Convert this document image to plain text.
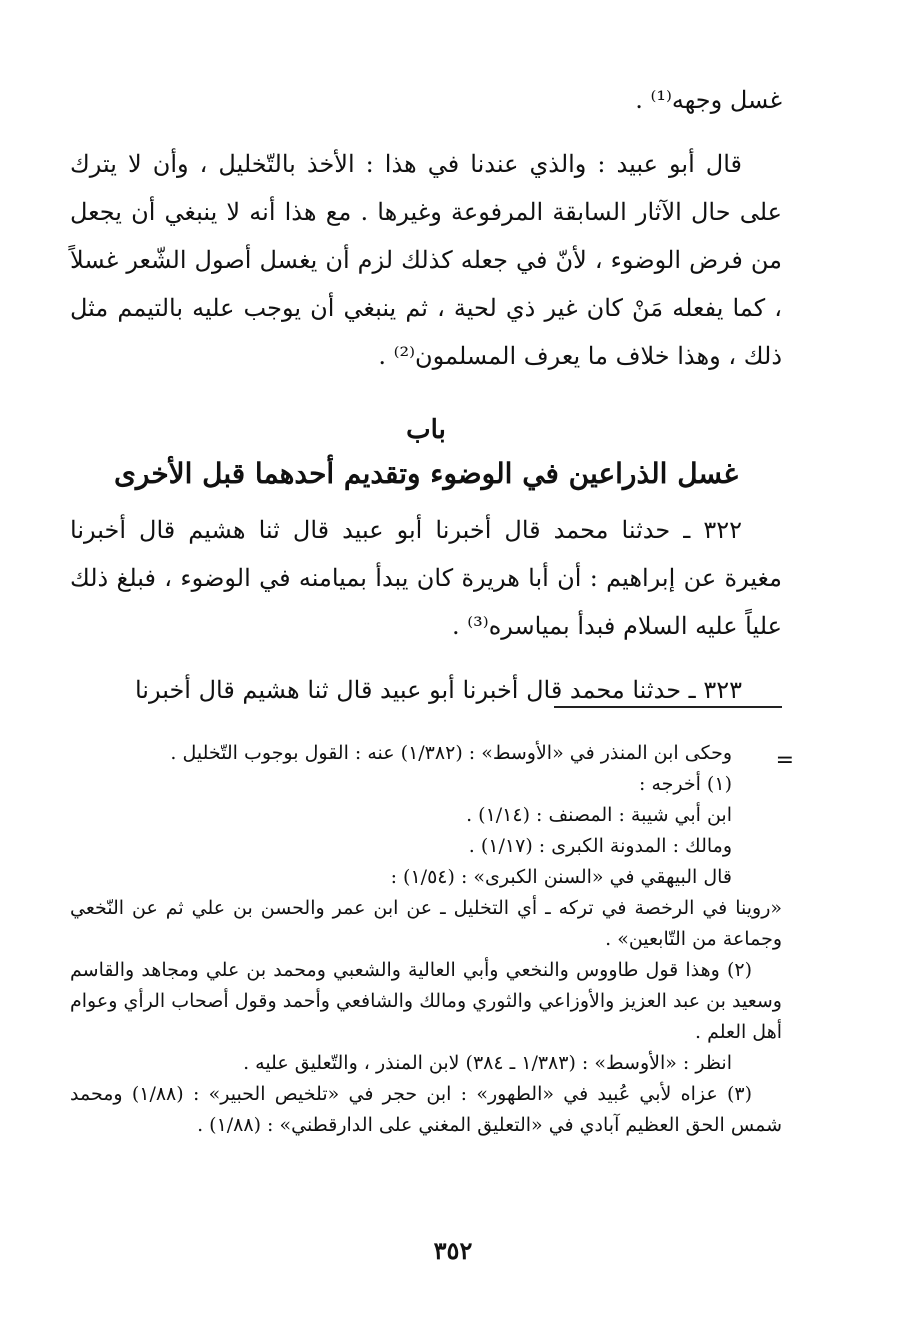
غسل وجهه⁽¹⁾ .

قال أبو عبيد : والذي عندنا في هذا : الأخذ بالتّخليل ، وأن لا يترك على حال الآثار السابقة المرفوعة وغيرها . مع هذا أنه لا ينبغي أن يجعل من فرض الوضوء ، لأنّ في جعله كذلك لزم أن يغسل أصول الشّعر غسلاً ، كما يفعله مَنْ كان غير ذي لحية ، ثم ينبغي أن يوجب عليه بالتيمم مثل ذلك ، وهذا خلاف ما يعرف المسلمون⁽²⁾ .

باب
غسل الذراعين في الوضوء وتقديم أحدهما قبل الأخرى

٣٢٢ ـ حدثنا محمد قال أخبرنا أبو عبيد قال ثنا هشيم قال أخبرنا مغيرة عن إبراهيم : أن أبا هريرة كان يبدأ بميامنه في الوضوء ، فبلغ ذلك علياً عليه السلام فبدأ بمياسره⁽³⁾ .

٣٢٣ ـ حدثنا محمد قال أخبرنا أبو عبيد قال ثنا هشيم قال أخبرنا

=

وحكى ابن المنذر في «الأوسط» : (١/٣٨٢) عنه : القول بوجوب التّخليل .

(١) أخرجه :

ابن أبي شيبة : المصنف : (١/١٤) .

ومالك : المدونة الكبرى : (١/١٧) .

قال البيهقي في «السنن الكبرى» : (١/٥٤) :

«روينا في الرخصة في تركه ـ أي التخليل ـ عن ابن عمر والحسن بن علي ثم عن النّخعي وجماعة من التّابعين» .

(٢) وهذا قول طاووس والنخعي وأبي العالية والشعبي ومحمد بن علي ومجاهد والقاسم وسعيد بن عبد العزيز والأوزاعي والثوري ومالك والشافعي وأحمد وقول أصحاب الرأي وعوام أهل العلم .

انظر : «الأوسط» : (١/٣٨٣ ـ ٣٨٤) لابن المنذر ، والتّعليق عليه .

(٣) عزاه لأبي عُبيد في «الطهور» : ابن حجر في «تلخيص الحبير» : (١/٨٨) ومحمد شمس الحق العظيم آبادي في «التعليق المغني على الدارقطني» : (١/٨٨) .

٣٥٢
